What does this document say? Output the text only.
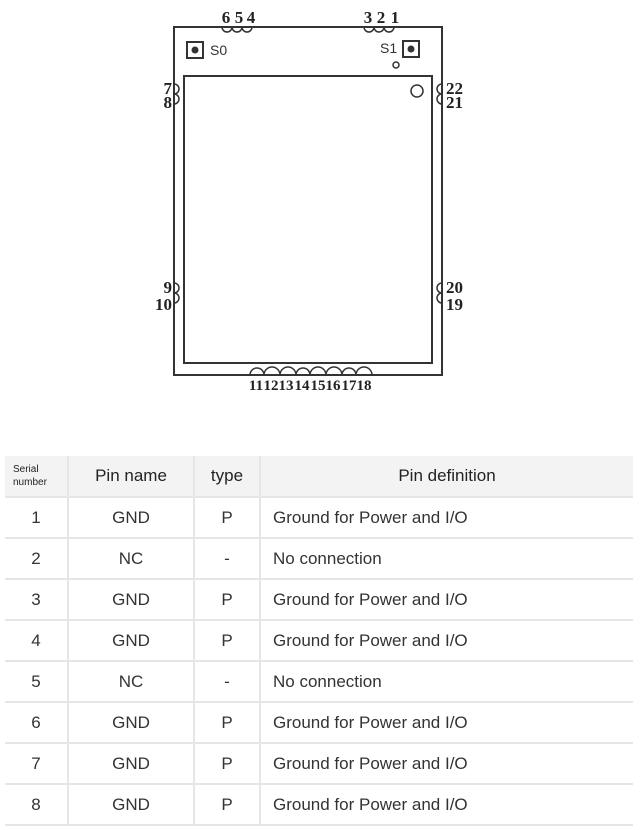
S0	S1
6 5 4	3 2 1
7
8
9
10
22
21
20
19
11 12 13 14 15 16 17 18
Serial number	Pin name	type	Pin definition
1	GND	P	Ground for Power and I/O
2	NC	-	No connection
3	GND	P	Ground for Power and I/O
4	GND	P	Ground for Power and I/O
5	NC	-	No connection
6	GND	P	Ground for Power and I/O
7	GND	P	Ground for Power and I/O
8	GND	P	Ground for Power and I/O
